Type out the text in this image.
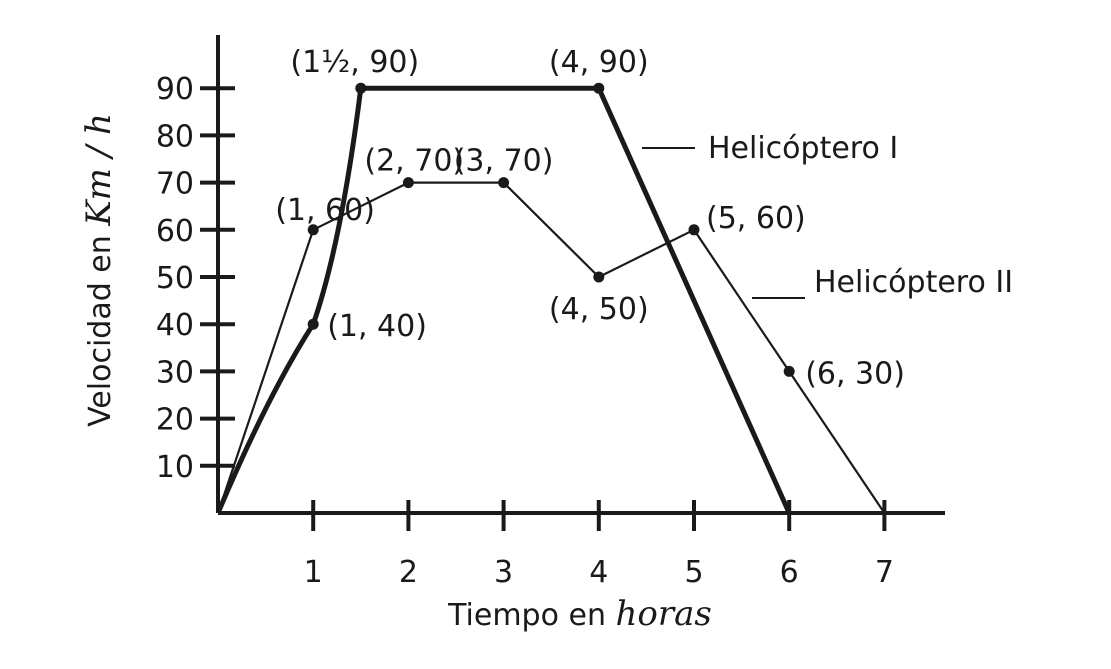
1	2	3	4	5	6	7
10
20
30
40
50
60
70
80
90
(1, 40)
(1½, 90)	(4, 90)
(1, 60)
(2, 70)
(3, 70)
(4, 50)
(5, 60)
(6, 30)
Helicóptero I
Helicóptero II
Tiempo en horas
Velocidad en Km / h
